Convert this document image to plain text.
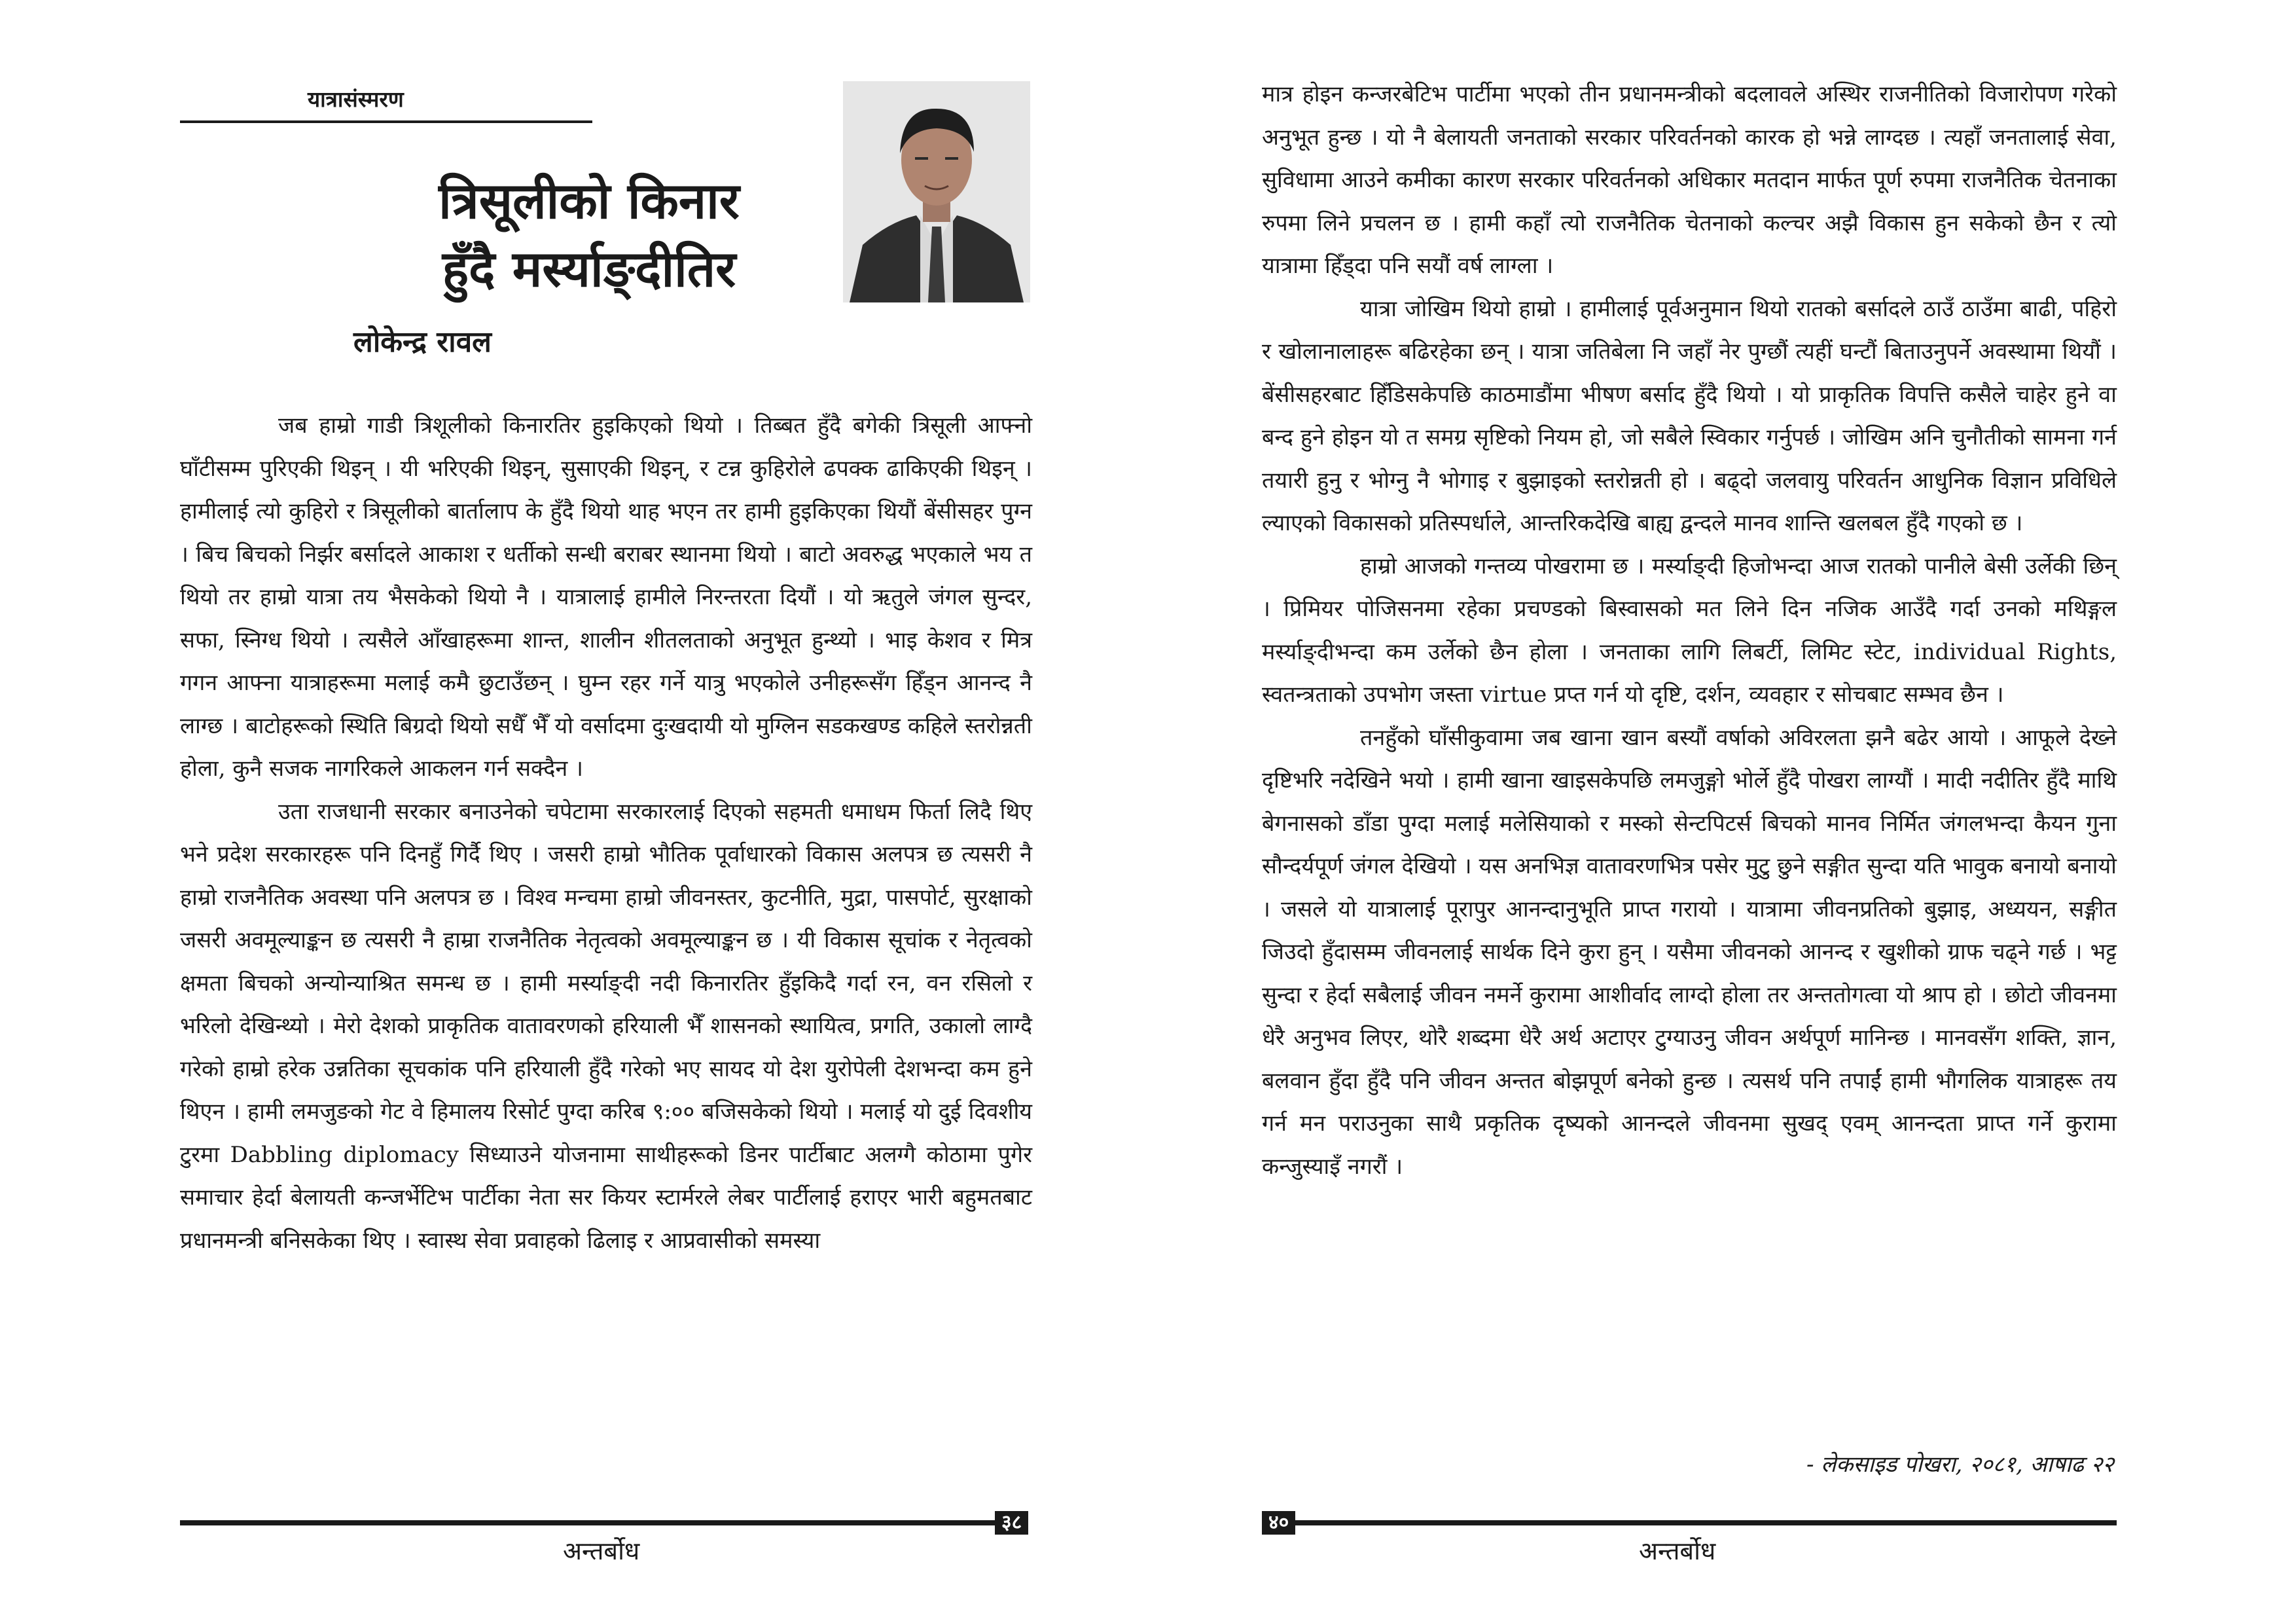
यात्रासंस्मरण
त्रिसूलीको किनार
हुँदै मर्स्याङ्दीतिर
लोकेन्द्र रावल

जब हाम्रो गाडी त्रिशूलीको किनारतिर हुइकिएको थियो । तिब्बत हुँदै बगेकी त्रिसूली आफ्नो घाँटीसम्म पुरिएकी थिइन् । यी भरिएकी थिइन्, सुसाएकी थिइन्, र टन्न कुहिरोले ढपक्क ढाकिएकी थिइन् । हामीलाई त्यो कुहिरो र त्रिसूलीको बार्तालाप के हुँदै थियो थाह भएन तर हामी हुइकिएका थियौं बेंसीसहर पुग्न । बिच बिचको निर्झर बर्सादले आकाश र धर्तीको सन्धी बराबर स्थानमा थियो । बाटो अवरुद्ध भएकाले भय त थियो तर हाम्रो यात्रा तय भैसकेको थियो नै । यात्रालाई हामीले निरन्तरता दियौं । यो ऋतुले जंगल सुन्दर, सफा, स्निग्ध थियो । त्यसैले आँखाहरूमा शान्त, शालीन शीतलताको अनुभूत हुन्थ्यो । भाइ केशव र मित्र गगन आफ्ना यात्राहरूमा मलाई कमै छुटाउँछन् । घुम्न रहर गर्ने यात्रु भएकोले उनीहरूसँग हिँड्न आनन्द नै लाग्छ । बाटोहरूको स्थिति बिग्रदो थियो सधैँ भैँ यो वर्सादमा दुःखदायी यो मुग्लिन सडकखण्ड कहिले स्तरोन्नती होला, कुनै सजक नागरिकले आकलन गर्न सक्दैन ।

उता राजधानी सरकार बनाउनेको चपेटामा सरकारलाई दिएको सहमती धमाधम फिर्ता लिदै थिए भने प्रदेश सरकारहरू पनि दिनहुँ गिर्दै थिए । जसरी हाम्रो भौतिक पूर्वाधारको विकास अलपत्र छ त्यसरी नै हाम्रो राजनैतिक अवस्था पनि अलपत्र छ । विश्व मन्चमा हाम्रो जीवनस्तर, कुटनीति, मुद्रा, पासपोर्ट, सुरक्षाको जसरी अवमूल्याङ्कन छ त्यसरी नै हाम्रा राजनैतिक नेतृत्वको अवमूल्याङ्कन छ । यी विकास सूचांक र नेतृत्वको क्षमता बिचको अन्योन्याश्रित समन्ध छ । हामी मर्स्याङ्दी नदी किनारतिर हुँइकिदै गर्दा रन, वन रसिलो र भरिलो देखिन्थ्यो । मेरो देशको प्राकृतिक वातावरणको हरियाली भैँ शासनको स्थायित्व, प्रगति, उकालो लाग्दै गरेको हाम्रो हरेक उन्नतिका सूचकांक पनि हरियाली हुँदै गरेको भए सायद यो देश युरोपेली देशभन्दा कम हुने थिएन । हामी लमजुङको गेट वे हिमालय रिसोर्ट पुग्दा करिब ९:०० बजिसकेको थियो । मलाई यो दुई दिवशीय टुरमा Dabbling diplomacy सिध्याउने योजनामा साथीहरूको डिनर पार्टीबाट अलग्गै कोठामा पुगेर समाचार हेर्दा बेलायती कन्जर्भेटिभ पार्टीका नेता सर कियर स्टार्मरले लेबर पार्टीलाई हराएर भारी बहुमतबाट प्रधानमन्त्री बनिसकेका थिए । स्वास्थ सेवा प्रवाहको ढिलाइ र आप्रवासीको समस्या

३८
अन्तर्बोध

मात्र होइन कन्जरबेटिभ पार्टीमा भएको तीन प्रधानमन्त्रीको बदलावले अस्थिर राजनीतिको विजारोपण गरेको अनुभूत हुन्छ । यो नै बेलायती जनताको सरकार परिवर्तनको कारक हो भन्ने लाग्दछ । त्यहाँ जनतालाई सेवा, सुविधामा आउने कमीका कारण सरकार परिवर्तनको अधिकार मतदान मार्फत पूर्ण रुपमा राजनैतिक चेतनाका रुपमा लिने प्रचलन छ । हामी कहाँ त्यो राजनैतिक चेतनाको कल्चर अझै विकास हुन सकेको छैन र त्यो यात्रामा हिँड्दा पनि सयौं वर्ष लाग्ला ।

यात्रा जोखिम थियो हाम्रो । हामीलाई पूर्वअनुमान थियो रातको बर्सादले ठाउँ ठाउँमा बाढी, पहिरो र खोलानालाहरू बढिरहेका छन् । यात्रा जतिबेला नि जहाँ नेर पुग्छौं त्यहीं घन्टौं बिताउनुपर्ने अवस्थामा थियौं । बेंसीसहरबाट हिँडिसकेपछि काठमाडौंमा भीषण बर्साद हुँदै थियो । यो प्राकृतिक विपत्ति कसैले चाहेर हुने वा बन्द हुने होइन यो त समग्र सृष्टिको नियम हो, जो सबैले स्विकार गर्नुपर्छ । जोखिम अनि चुनौतीको सामना गर्न तयारी हुनु र भोग्नु नै भोगाइ र बुझाइको स्तरोन्नती हो । बढ्दो जलवायु परिवर्तन आधुनिक विज्ञान प्रविधिले ल्याएको विकासको प्रतिस्पर्धाले, आन्तरिकदेखि बाह्य द्वन्दले मानव शान्ति खलबल हुँदै गएको छ ।

हाम्रो आजको गन्तव्य पोखरामा छ । मर्स्याङ्दी हिजोभन्दा आज रातको पानीले बेसी उर्लेकी छिन् । प्रिमियर पोजिसनमा रहेका प्रचण्डको बिस्वासको मत लिने दिन नजिक आउँदै गर्दा उनको मथिङ्गल मर्स्याङ्दीभन्दा कम उर्लेको छैन होला । जनताका लागि लिबर्टी, लिमिट स्टेट, individual Rights, स्वतन्त्रताको उपभोग जस्ता virtue प्रप्त गर्न यो दृष्टि, दर्शन, व्यवहार र सोचबाट सम्भव छैन ।

तनहुँको घाँसीकुवामा जब खाना खान बस्यौं वर्षाको अविरलता झनै बढेर आयो । आफूले देख्ने दृष्टिभरि नदेखिने भयो । हामी खाना खाइसकेपछि लमजुङ्गो भोर्ले हुँदै पोखरा लाग्यौं । मादी नदीतिर हुँदै माथि बेगनासको डाँडा पुग्दा मलाई मलेसियाको र मस्को सेन्टपिटर्स बिचको मानव निर्मित जंगलभन्दा कैयन गुना सौन्दर्यपूर्ण जंगल देखियो । यस अनभिज्ञ वातावरणभित्र पसेर मुटु छुने सङ्गीत सुन्दा यति भावुक बनायो बनायो । जसले यो यात्रालाई पूरापुर आनन्दानुभूति प्राप्त गरायो । यात्रामा जीवनप्रतिको बुझाइ, अध्ययन, सङ्गीत जिउदो हुँदासम्म जीवनलाई सार्थक दिने कुरा हुन् । यसैमा जीवनको आनन्द र खुशीको ग्राफ चढ्ने गर्छ । भट्ट सुन्दा र हेर्दा सबैलाई जीवन नमर्ने कुरामा आशीर्वाद लाग्दो होला तर अन्ततोगत्वा यो श्राप हो । छोटो जीवनमा धेरै अनुभव लिएर, थोरै शब्दमा धेरै अर्थ अटाएर टुग्याउनु जीवन अर्थपूर्ण मानिन्छ । मानवसँग शक्ति, ज्ञान, बलवान हुँदा हुँदै पनि जीवन अन्तत बोझपूर्ण बनेको हुन्छ । त्यसर्थ पनि तपाईं हामी भौगलिक यात्राहरू तय गर्न मन पराउनुका साथै प्रकृतिक दृष्यको आनन्दले जीवनमा सुखद् एवम् आनन्दता प्राप्त गर्ने कुरामा कन्जुस्याइँ नगरौं ।

- लेकसाइड पोखरा, २०८१, आषाढ २२
४०
अन्तर्बोध
